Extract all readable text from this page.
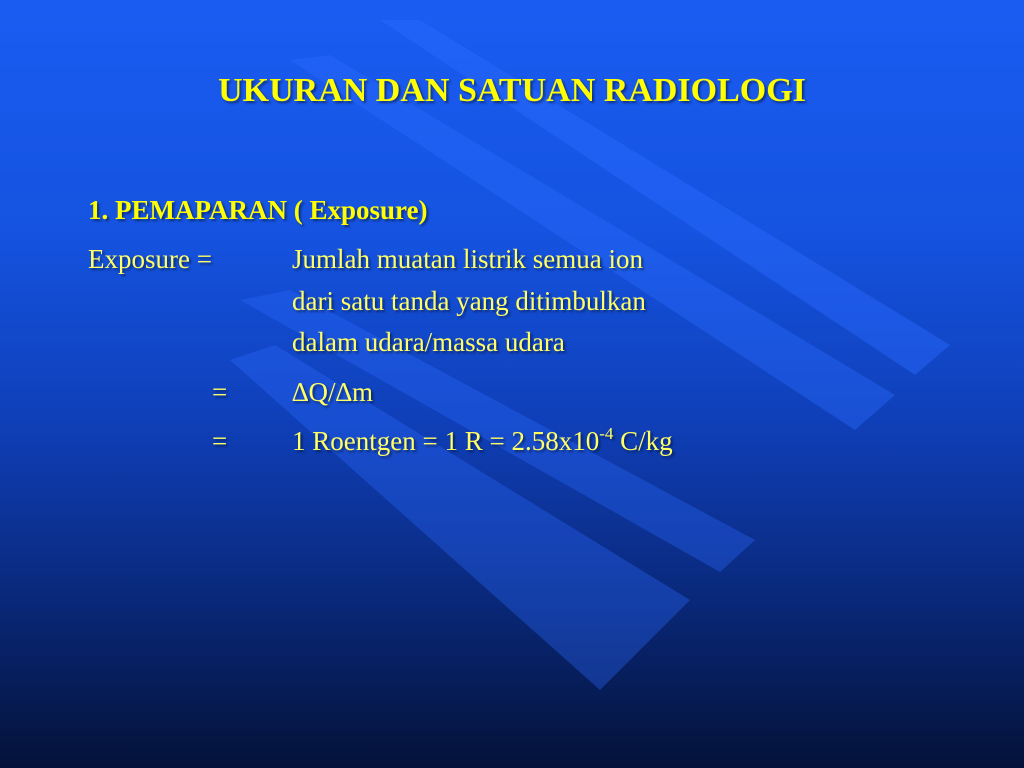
UKURAN DAN SATUAN RADIOLOGI
1. PEMAPARAN ( Exposure)
Exposure =	Jumlah muatan listrik semua ion
dari satu tanda yang ditimbulkan
dalam udara/massa udara
= ∆Q/∆m
= 1 Roentgen = 1 $R = 2.58x10^{-4}$ C/kg
